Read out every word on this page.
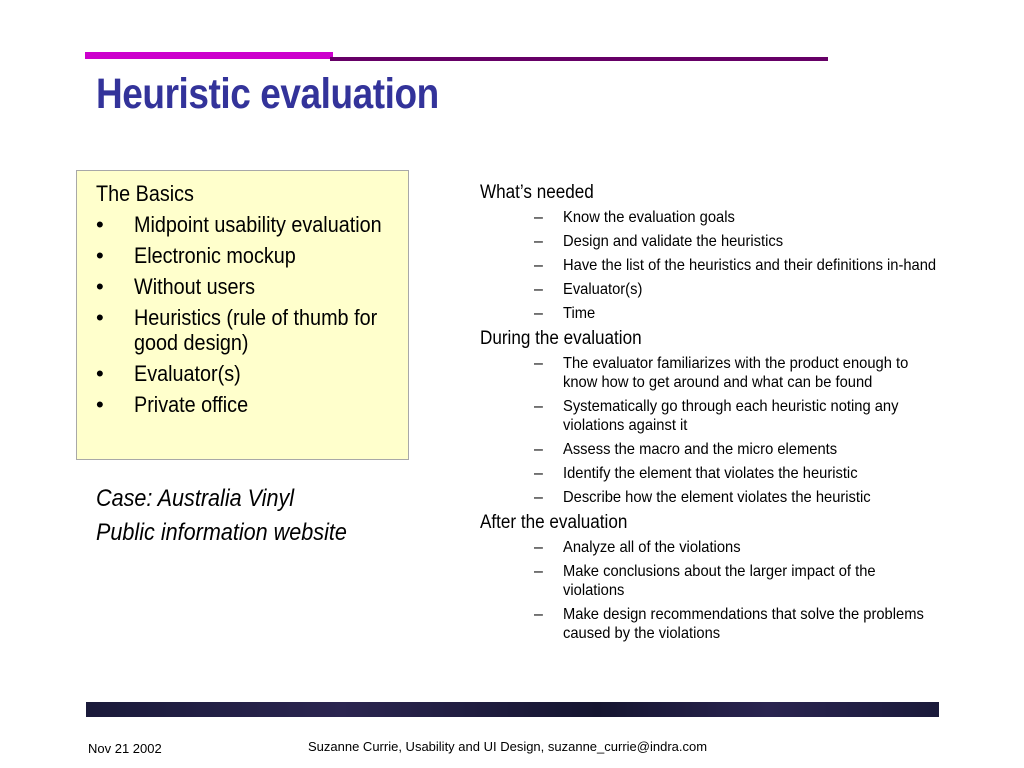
Heuristic evaluation
The Basics
• Midpoint usability evaluation
• Electronic mockup
• Without users
• Heuristics (rule of thumb for good design)
• Evaluator(s)
• Private office
Case: Australia Vinyl
Public information website
What’s needed
– Know the evaluation goals
– Design and validate the heuristics
– Have the list of the heuristics and their definitions in-hand
– Evaluator(s)
– Time
During the evaluation
– The evaluator familiarizes with the product enough to know how to get around and what can be found
– Systematically go through each heuristic noting any violations against it
– Assess the macro and the micro elements
– Identify the element that violates the heuristic
– Describe how the element violates the heuristic
After the evaluation
– Analyze all of the violations
– Make conclusions about the larger impact of the violations
– Make design recommendations that solve the problems caused by the violations
Nov 21 2002	Suzanne Currie, Usability and UI Design, suzanne_currie@indra.com
